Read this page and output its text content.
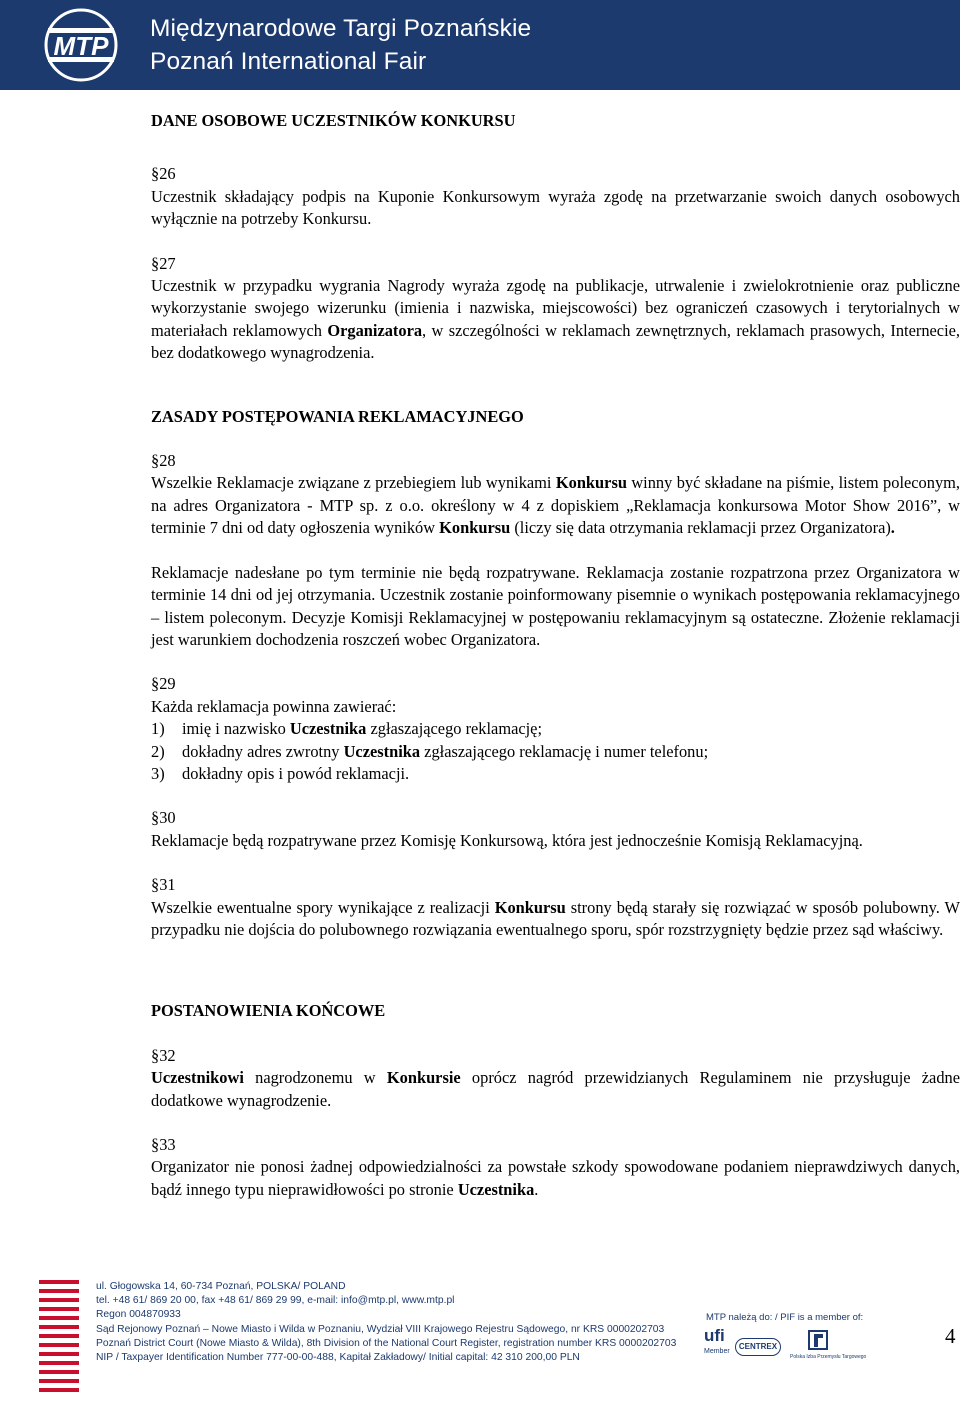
MTP
Międzynarodowe Targi Poznańskie
Poznań International Fair

DANE OSOBOWE UCZESTNIKÓW KONKURSU

§26

Uczestnik składający podpis na Kuponie Konkursowym wyraża zgodę na przetwarzanie swoich danych osobowych wyłącznie na potrzeby Konkursu.

§27

Uczestnik w przypadku wygrania Nagrody wyraża zgodę na publikacje, utrwalenie i zwielokrotnienie oraz publiczne wykorzystanie swojego wizerunku (imienia i nazwiska, miejscowości) bez ograniczeń czasowych i terytorialnych w materiałach reklamowych Organizatora, w szczególności w reklamach zewnętrznych, reklamach prasowych, Internecie, bez dodatkowego wynagrodzenia.

ZASADY POSTĘPOWANIA REKLAMACYJNEGO

§28

Wszelkie Reklamacje związane z przebiegiem lub wynikami Konkursu winny być składane na piśmie, listem poleconym, na adres Organizatora - MTP sp. z o.o. określony w 4 z dopiskiem „Reklamacja konkursowa Motor Show 2016”, w terminie 7 dni od daty ogłoszenia wyników Konkursu (liczy się data otrzymania reklamacji przez Organizatora).

Reklamacje nadesłane po tym terminie nie będą rozpatrywane. Reklamacja zostanie rozpatrzona przez Organizatora w terminie 14 dni od jej otrzymania. Uczestnik zostanie poinformowany pisemnie o wynikach postępowania reklamacyjnego – listem poleconym. Decyzje Komisji Reklamacyjnej w postępowaniu reklamacyjnym są ostateczne. Złożenie reklamacji jest warunkiem dochodzenia roszczeń wobec Organizatora.

§29

Każda reklamacja powinna zawierać:

1) imię i nazwisko Uczestnika zgłaszającego reklamację;
2) dokładny adres zwrotny Uczestnika zgłaszającego reklamację i numer telefonu;
3) dokładny opis i powód reklamacji.

§30

Reklamacje będą rozpatrywane przez Komisję Konkursową, która jest jednocześnie Komisją Reklamacyjną.

§31

Wszelkie ewentualne spory wynikające z realizacji Konkursu strony będą starały się rozwiązać w sposób polubowny. W przypadku nie dojścia do polubownego rozwiązania ewentualnego sporu, spór rozstrzygnięty będzie przez sąd właściwy.

POSTANOWIENIA KOŃCOWE

§32

Uczestnikowi nagrodzonemu w Konkursie oprócz nagród przewidzianych Regulaminem nie przysługuje żadne dodatkowe wynagrodzenie.

§33

Organizator nie ponosi żadnej odpowiedzialności za powstałe szkody spowodowane podaniem nieprawdziwych danych, bądź innego typu nieprawidłowości po stronie Uczestnika.

ul. Głogowska 14, 60-734 Poznań, POLSKA/ POLAND
tel. +48 61/ 869 20 00, fax +48 61/ 869 29 99, e-mail: info@mtp.pl, www.mtp.pl
Regon 004870933
Sąd Rejonowy Poznań – Nowe Miasto i Wilda w Poznaniu, Wydział VIII Krajowego Rejestru Sądowego, nr KRS 0000202703
Poznań District Court (Nowe Miasto & Wilda), 8th Division of the National Court Register, registration number KRS 0000202703
NIP / Taxpayer Identification Number 777-00-00-488, Kapitał Zakładowy/ Initial capital: 42 310 200,00 PLN
MTP należą do: / PIF is a member of:
ufi
Member
CENTREX
Polska Izba Przemysłu Targowego
4
